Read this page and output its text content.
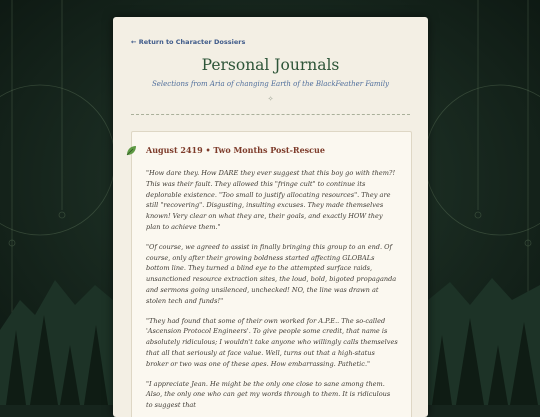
← Return to Character Dossiers
Personal Journals
Selections from Aria of changing Earth of the BlackFeather Family
✧
August 2419 • Two Months Post-Rescue

"How dare they. How DARE they ever suggest that this boy go with them?! This was their fault. They allowed this "fringe cult" to continue its deplorable existence. "Too small to justify allocating resources". They are still "recovering". Disgusting, insulting excuses. They made themselves known! Very clear on what they are, their goals, and exactly HOW they plan to achieve them."

"Of course, we agreed to assist in finally bringing this group to an end. Of course, only after their growing boldness started affecting GLOBALs bottom line. They turned a blind eye to the attempted surface raids, unsanctioned resource extraction sites, the loud, bold, bigoted propaganda and sermons going unsilenced, unchecked! NO, the line was drawn at stolen tech and funds!"

"They had found that some of their own worked for A.P.E.. The so-called 'Ascension Protocol Engineers'. To give people some credit, that name is absolutely ridiculous; I wouldn't take anyone who willingly calls themselves that all that seriously at face value. Well, turns out that a high-status broker or two was one of these apes. How embarrassing. Pathetic."

"I appreciate Jean. He might be the only one close to sane among them. Also, the only one who can get my words through to them. It is ridiculous to suggest that
